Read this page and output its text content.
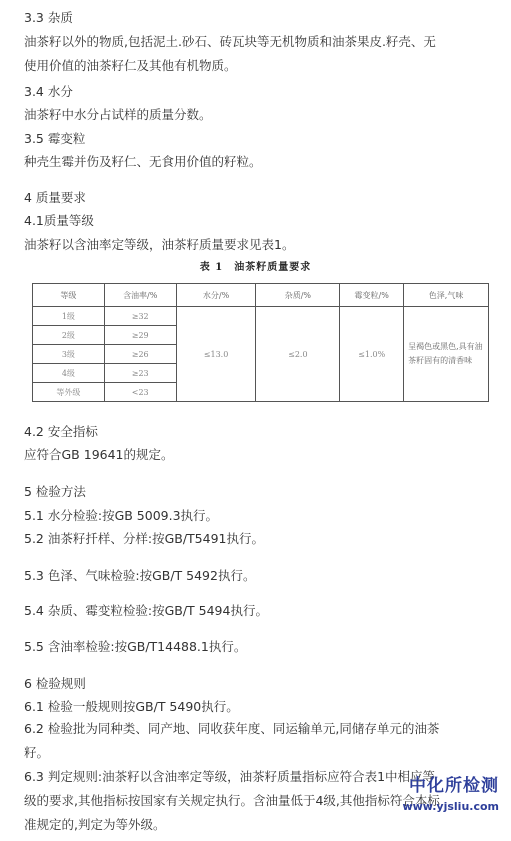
3.3 杂质
油茶籽以外的物质,包括泥土.砂石、砖瓦块等无机物质和油茶果皮.籽壳、无使用价值的油茶籽仁及其他有机物质。
3.4 水分
油茶籽中水分占试样的质量分数。
3.5 霉变粒
种壳生霉并伤及籽仁、无食用价值的籽粒。
4 质量要求
4.1质量等级
油茶籽以含油率定等级，油茶籽质量要求见表1。
表 1　油茶籽质量要求
等级	含油率/%	水分/%	杂质/%	霉变粒/%	色泽,气味
1级	≥32	≤13.0	≤2.0	≤1.0%	呈褐色或黑色,具有油茶籽固有的清香味
2级	≥29				
3级	≥26				
4级	≥23				
等外级	<23				
4.2 安全指标
应符合GB 19641的规定。
5 检验方法
5.1 水分检验:按GB 5009.3执行。
5.2 油茶籽扦样、分样:按GB/T5491执行。
5.3 色泽、气味检验:按GB/T 5492执行。
5.4 杂质、霉变粒检验:按GB/T 5494执行。
5.5 含油率检验:按GB/T14488.1执行。
6 检验规则
6.1 检验一般规则按GB/T 5490执行。
6.2 检验批为同种类、同产地、同收获年度、同运输单元,同储存单元的油茶籽。
6.3 判定规则:油茶籽以含油率定等级，油茶籽质量指标应符合表1中相应等级的要求,其他指标按国家有关规定执行。含油量低于4级,其他指标符合本标准规定的,判定为等外级。
中化所检测
www.yjsliu.com
